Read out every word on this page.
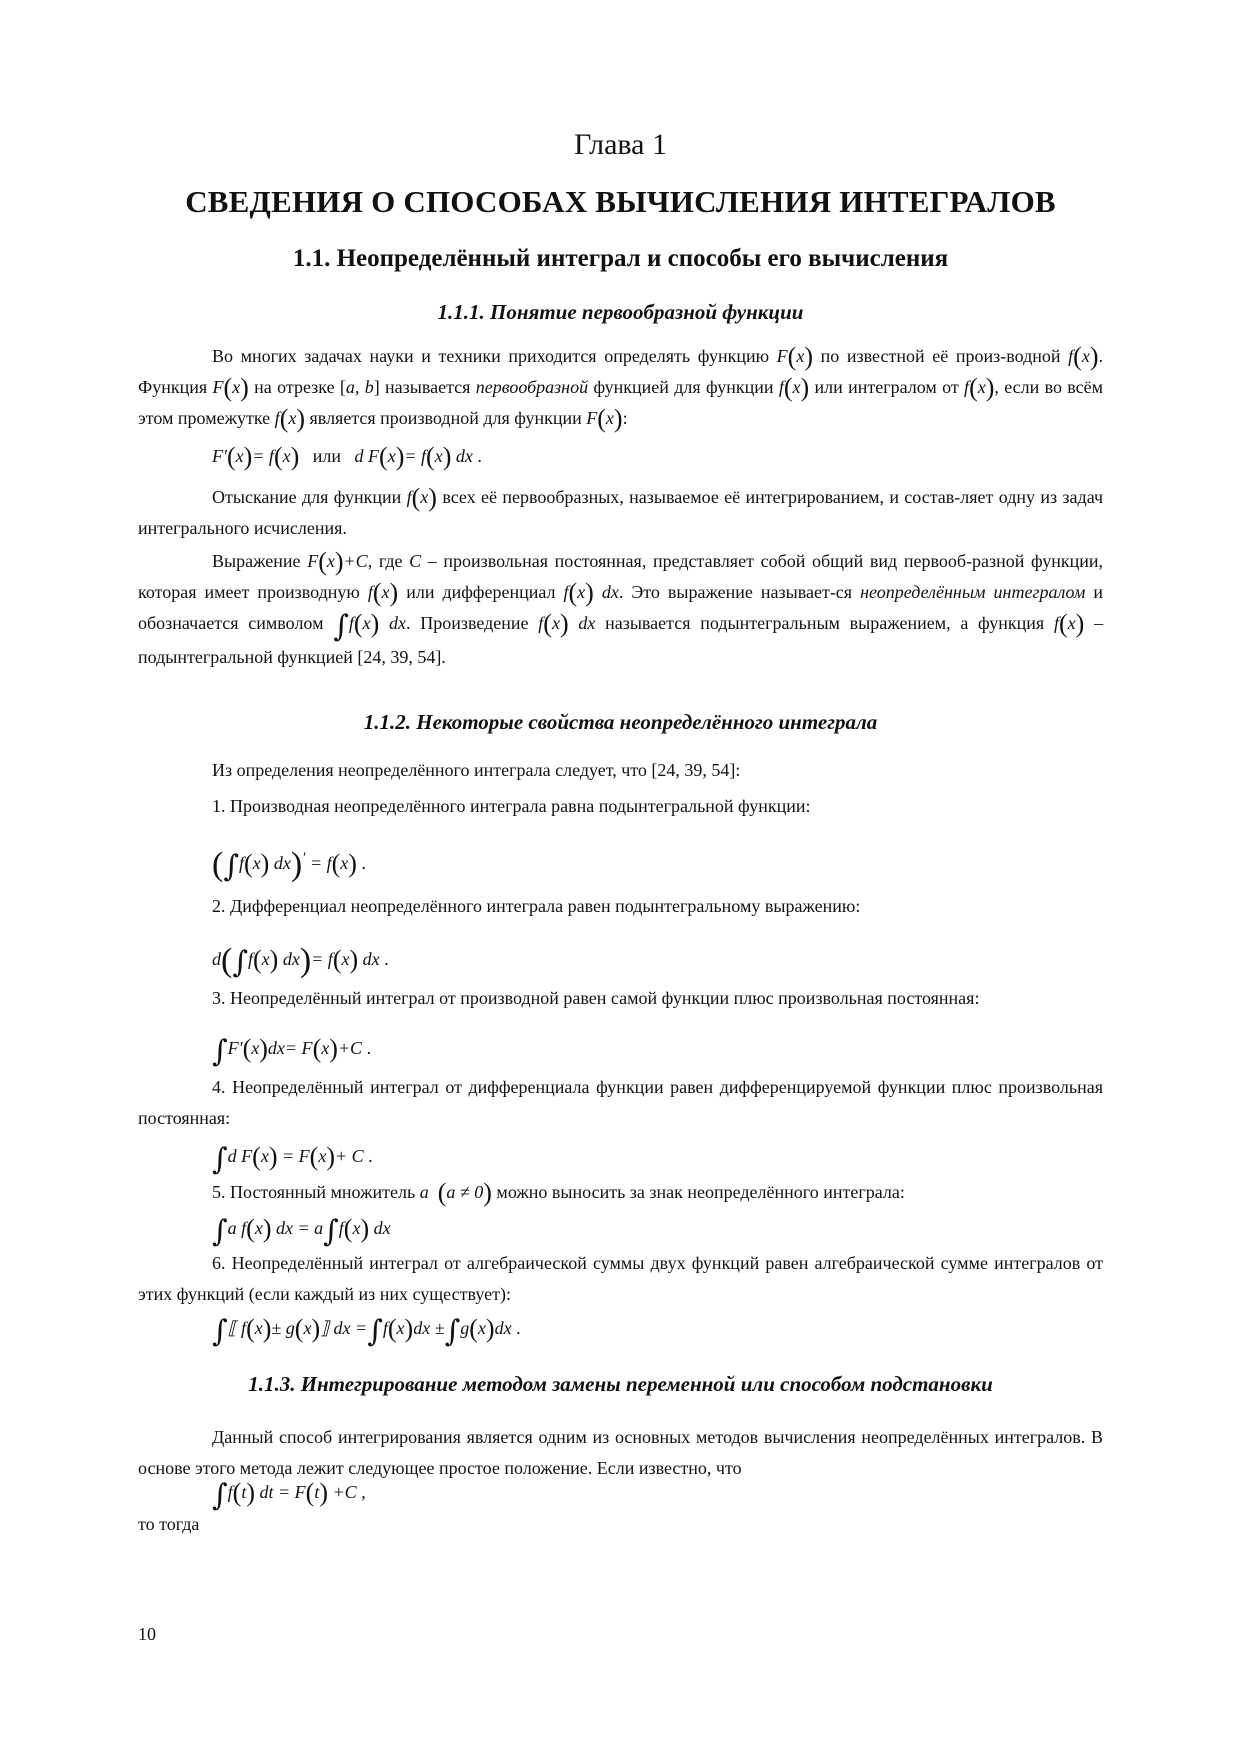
Глава 1
СВЕДЕНИЯ О СПОСОБАХ ВЫЧИСЛЕНИЯ ИНТЕГРАЛОВ
1.1. Неопределённый интеграл и способы его вычисления
1.1.1. Понятие первообразной функции
Во многих задачах науки и техники приходится определять функцию F(x) по известной её произ-водной f(x). Функция F(x) на отрезке [a, b] называется первообразной функцией для функции f(x) или интегралом от f(x), если во всём этом промежутке f(x) является производной для функции F(x):
F′(x)= f(x) или d F(x)= f(x) dx .
Отыскание для функции f(x) всех её первообразных, называемое её интегрированием, и состав-ляет одну из задач интегрального исчисления.
Выражение F(x)+C, где C – произвольная постоянная, представляет собой общий вид первооб-разной функции, которая имеет производную f(x) или дифференциал f(x) dx. Это выражение называет-ся неопределённым интегралом и обозначается символом ∫f(x) dx. Произведение f(x) dx называется подынтегральным выражением, а функция f(x) – подынтегральной функцией [24, 39, 54].
1.1.2. Некоторые свойства неопределённого интеграла
Из определения неопределённого интеграла следует, что [24, 39, 54]:
1. Производная неопределённого интеграла равна подынтегральной функции:
(∫f(x) dx)′ = f(x) .
2. Дифференциал неопределённого интеграла равен подынтегральному выражению:
d(∫f(x) dx)= f(x) dx .
3. Неопределённый интеграл от производной равен самой функции плюс произвольная постоянная:
∫F′(x)dx= F(x)+C .
4. Неопределённый интеграл от дифференциала функции равен дифференцируемой функции плюс произвольная постоянная:
∫d F(x) = F(x)+ C .
5. Постоянный множитель a (a ≠ 0) можно выносить за знак неопределённого интеграла:
∫a f(x) dx = a∫f(x) dx
6. Неопределённый интеграл от алгебраической суммы двух функций равен алгебраической сумме интегралов от этих функций (если каждый из них существует):
∫⟦ f(x)± g(x)⟧ dx =∫f(x)dx ±∫g(x)dx .
1.1.3. Интегрирование методом замены переменной или способом подстановки
Данный способ интегрирования является одним из основных методов вычисления неопределённых интегралов. В основе этого метода лежит следующее простое положение. Если известно, что
∫f(t) dt = F(t) +C ,
то тогда
10
